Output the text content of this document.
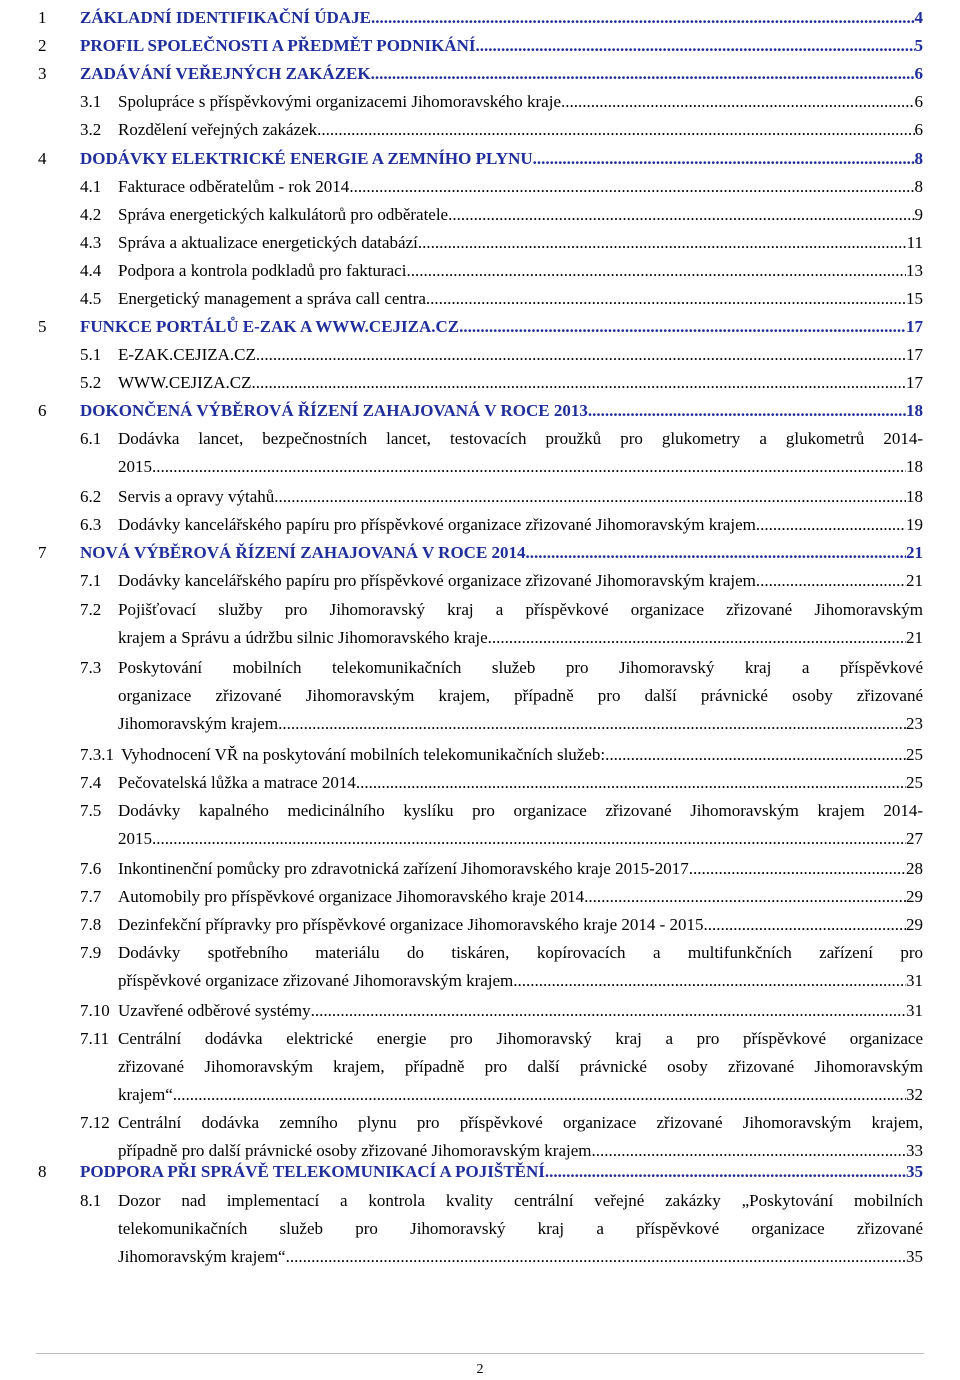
1 ZÁKLADNÍ IDENTIFIKAČNÍ ÚDAJE .....	4
2 PROFIL SPOLEČNOSTI A PŘEDMĚT PODNIKÁNÍ .....	5
3 ZADÁVÁNÍ VEŘEJNÝCH ZAKÁZEK .....	6
3.1 Spolupráce s příspěvkovými organizacemi Jihomoravského kraje .....	6
3.2 Rozdělení veřejných zakázek .....	6
4 DODÁVKY ELEKTRICKÉ ENERGIE A ZEMNÍHO PLYNU .....	8
4.1 Fakturace odběratelům - rok 2014 .....	8
4.2 Správa energetických kalkulátorů pro odběratele .....	9
4.3 Správa a aktualizace energetických databází .....	11
4.4 Podpora a kontrola podkladů pro fakturaci .....	13
4.5 Energetický management a správa call centra .....	15
5 FUNKCE PORTÁLŮ E-ZAK A WWW.CEJIZA.CZ .....	17
5.1 E-ZAK.CEJIZA.CZ .....	17
5.2 WWW.CEJIZA.CZ .....	17
6 DOKONČENÁ VÝBĚROVÁ ŘÍZENÍ ZAHAJOVANÁ V ROCE 2013 .....	18
6.1 Dodávka lancet, bezpečnostních lancet, testovacích proužků pro glukometry a glukometrů 2014-
2015 .....	18
6.2 Servis a opravy výtahů .....	18
6.3 Dodávky kancelářského papíru pro příspěvkové organizace zřizované Jihomoravským krajem .....	19
7 NOVÁ VÝBĚROVÁ ŘÍZENÍ ZAHAJOVANÁ V ROCE 2014 .....	21
7.1 Dodávky kancelářského papíru pro příspěvkové organizace zřizované Jihomoravským krajem .....	21
7.2 Pojišťovací služby pro Jihomoravský kraj a příspěvkové organizace zřizované Jihomoravským
krajem a Správu a údržbu silnic Jihomoravského kraje .....	21
7.3 Poskytování mobilních telekomunikačních služeb pro Jihomoravský kraj a příspěvkové
organizace zřizované Jihomoravským krajem, případně pro další právnické osoby zřizované
Jihomoravským krajem .....	23
7.3.1 Vyhodnocení VŘ na poskytování mobilních telekomunikačních služeb: .....	25
7.4 Pečovatelská lůžka a matrace 2014 .....	25
7.5 Dodávky kapalného medicinálního kyslíku pro organizace zřizované Jihomoravským krajem 2014-
2015 .....	27
7.6 Inkontinenční pomůcky pro zdravotnická zařízení Jihomoravského kraje 2015-2017 .....	28
7.7 Automobily pro příspěvkové organizace Jihomoravského kraje 2014 .....	29
7.8 Dezinfekční přípravky pro příspěvkové organizace Jihomoravského kraje 2014 - 2015 .....	29
7.9 Dodávky spotřebního materiálu do tiskáren, kopírovacích a multifunkčních zařízení pro
příspěvkové organizace zřizované Jihomoravským krajem .....	31
7.10 Uzavřené odběrové systémy .....	31
7.11 Centrální dodávka elektrické energie pro Jihomoravský kraj a pro příspěvkové organizace
zřizované Jihomoravským krajem, případně pro další právnické osoby zřizované Jihomoravským
krajem“ .....	32
7.12 Centrální dodávka zemního plynu pro příspěvkové organizace zřizované Jihomoravským krajem,
případně pro další právnické osoby zřizované Jihomoravským krajem .....	33
8 PODPORA PŘI SPRÁVĚ TELEKOMUNIKACÍ A POJIŠTĚNÍ .....	35
8.1 Dozor nad implementací a kontrola kvality centrální veřejné zakázky „Poskytování mobilních
telekomunikačních služeb pro Jihomoravský kraj a příspěvkové organizace zřizované
Jihomoravským krajem“ .....	35
2
